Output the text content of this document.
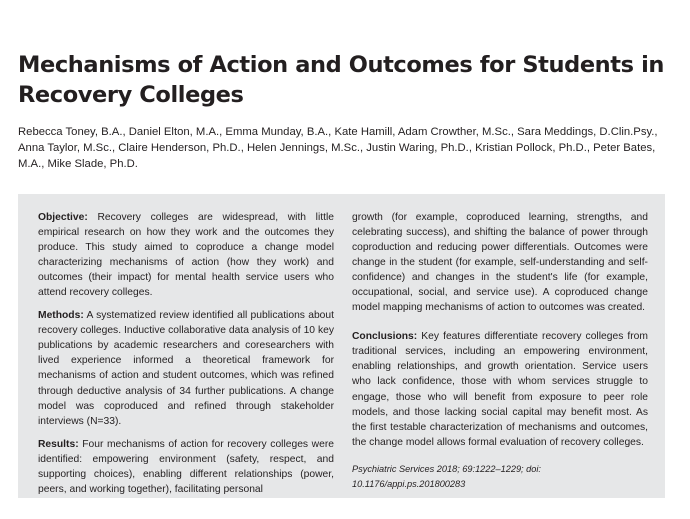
Mechanisms of Action and Outcomes for Students in Recovery Colleges

Rebecca Toney, B.A., Daniel Elton, M.A., Emma Munday, B.A., Kate Hamill, Adam Crowther, M.Sc., Sara Meddings, D.Clin.Psy., Anna Taylor, M.Sc., Claire Henderson, Ph.D., Helen Jennings, M.Sc., Justin Waring, Ph.D., Kristian Pollock, Ph.D., Peter Bates, M.A., Mike Slade, Ph.D.

Objective: Recovery colleges are widespread, with little empirical research on how they work and the outcomes they produce. This study aimed to coproduce a change model characterizing mechanisms of action (how they work) and outcomes (their impact) for mental health service users who attend recovery colleges.

Methods: A systematized review identified all publications about recovery colleges. Inductive collaborative data analysis of 10 key publications by academic researchers and coresearchers with lived experience informed a theoretical framework for mechanisms of action and student outcomes, which was refined through deductive analysis of 34 further publications. A change model was coproduced and refined through stakeholder interviews (N=33).

Results: Four mechanisms of action for recovery colleges were identified: empowering environment (safety, respect, and supporting choices), enabling different relationships (power, peers, and working together), facilitating personal

growth (for example, coproduced learning, strengths, and celebrating success), and shifting the balance of power through coproduction and reducing power differentials. Outcomes were change in the student (for example, self-understanding and self-confidence) and changes in the student's life (for example, occupational, social, and service use). A coproduced change model mapping mechanisms of action to outcomes was created.

Conclusions: Key features differentiate recovery colleges from traditional services, including an empowering environment, enabling relationships, and growth orientation. Service users who lack confidence, those with whom services struggle to engage, those who will benefit from exposure to peer role models, and those lacking social capital may benefit most. As the first testable characterization of mechanisms and outcomes, the change model allows formal evaluation of recovery colleges.

Psychiatric Services 2018; 69:1222–1229; doi: 10.1176/appi.ps.201800283
